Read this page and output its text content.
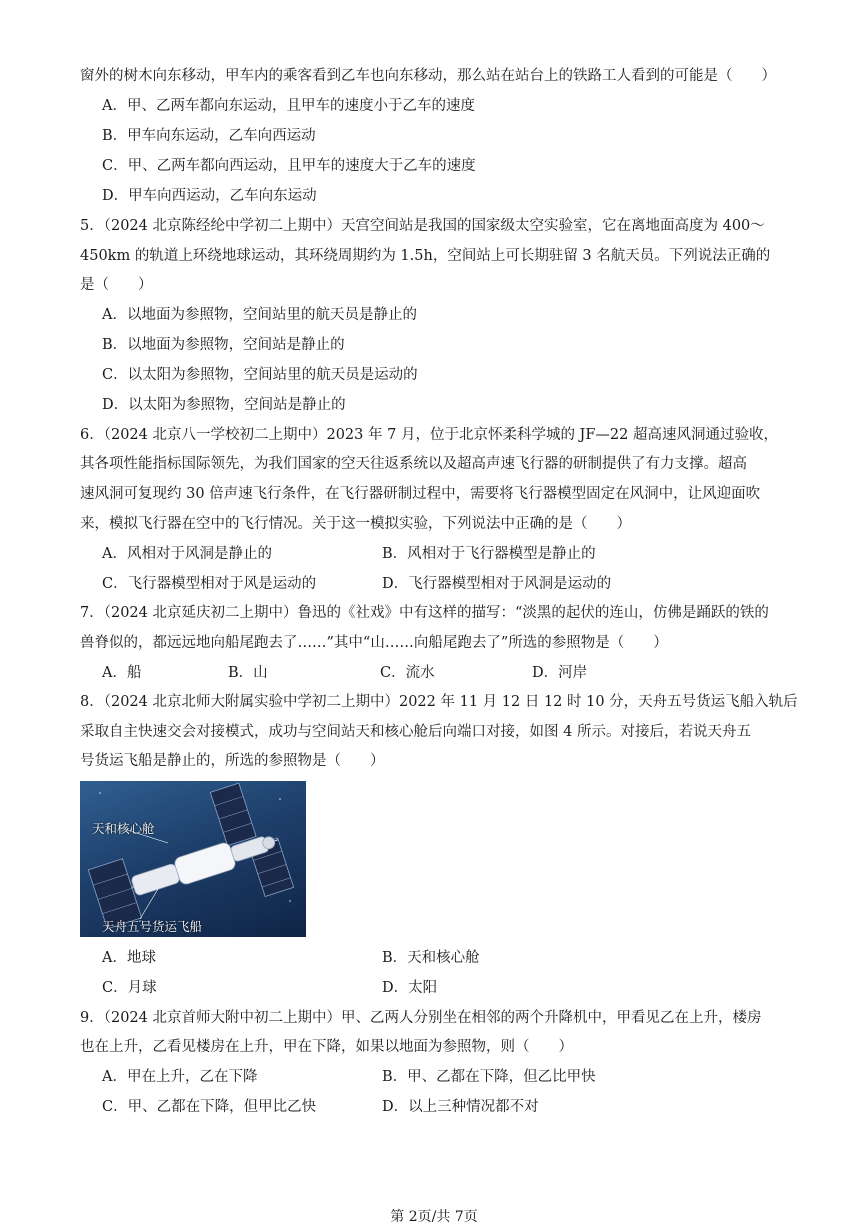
窗外的树木向东移动，甲车内的乘客看到乙车也向东移动，那么站在站台上的铁路工人看到的可能是（　　）
A．甲、乙两车都向东运动，且甲车的速度小于乙车的速度
B．甲车向东运动，乙车向西运动
C．甲、乙两车都向西运动，且甲车的速度大于乙车的速度
D．甲车向西运动，乙车向东运动
5．（2024 北京陈经纶中学初二上期中）天宫空间站是我国的国家级太空实验室，它在离地面高度为 400～
450km 的轨道上环绕地球运动，其环绕周期约为 1.5h，空间站上可长期驻留 3 名航天员。下列说法正确的
是（　　）
A．以地面为参照物，空间站里的航天员是静止的
B．以地面为参照物，空间站是静止的
C．以太阳为参照物，空间站里的航天员是运动的
D．以太阳为参照物，空间站是静止的
6．（2024 北京八一学校初二上期中）2023 年 7 月，位于北京怀柔科学城的 JF—22 超高速风洞通过验收，
其各项性能指标国际领先，为我们国家的空天往返系统以及超高声速飞行器的研制提供了有力支撑。超高
速风洞可复现约 30 倍声速飞行条件，在飞行器研制过程中，需要将飞行器模型固定在风洞中，让风迎面吹
来，模拟飞行器在空中的飞行情况。关于这一模拟实验，下列说法中正确的是（　　）
A．风相对于风洞是静止的	B．风相对于飞行器模型是静止的
C．飞行器模型相对于风是运动的	D．飞行器模型相对于风洞是运动的
7．（2024 北京延庆初二上期中）鲁迅的《社戏》中有这样的描写：“淡黑的起伏的连山，仿佛是踊跃的铁的
兽脊似的，都远远地向船尾跑去了……”其中“山……向船尾跑去了”所选的参照物是（　　）
A．船	B．山	C．流水	D．河岸
8．（2024 北京北师大附属实验中学初二上期中）2022 年 11 月 12 日 12 时 10 分，天舟五号货运飞船入轨后
采取自主快速交会对接模式，成功与空间站天和核心舱后向端口对接，如图 4 所示。对接后，若说天舟五
号货运飞船是静止的，所选的参照物是（　　）
天和核心舱
天舟五号货运飞船
A．地球	B．天和核心舱
C．月球	D．太阳
9．（2024 北京首师大附中初二上期中）甲、乙两人分别坐在相邻的两个升降机中，甲看见乙在上升，楼房
也在上升，乙看见楼房在上升，甲在下降，如果以地面为参照物，则（　　）
A．甲在上升，乙在下降	B．甲、乙都在下降，但乙比甲快
C．甲、乙都在下降，但甲比乙快	D．以上三种情况都不对
第 2页/共 7页
